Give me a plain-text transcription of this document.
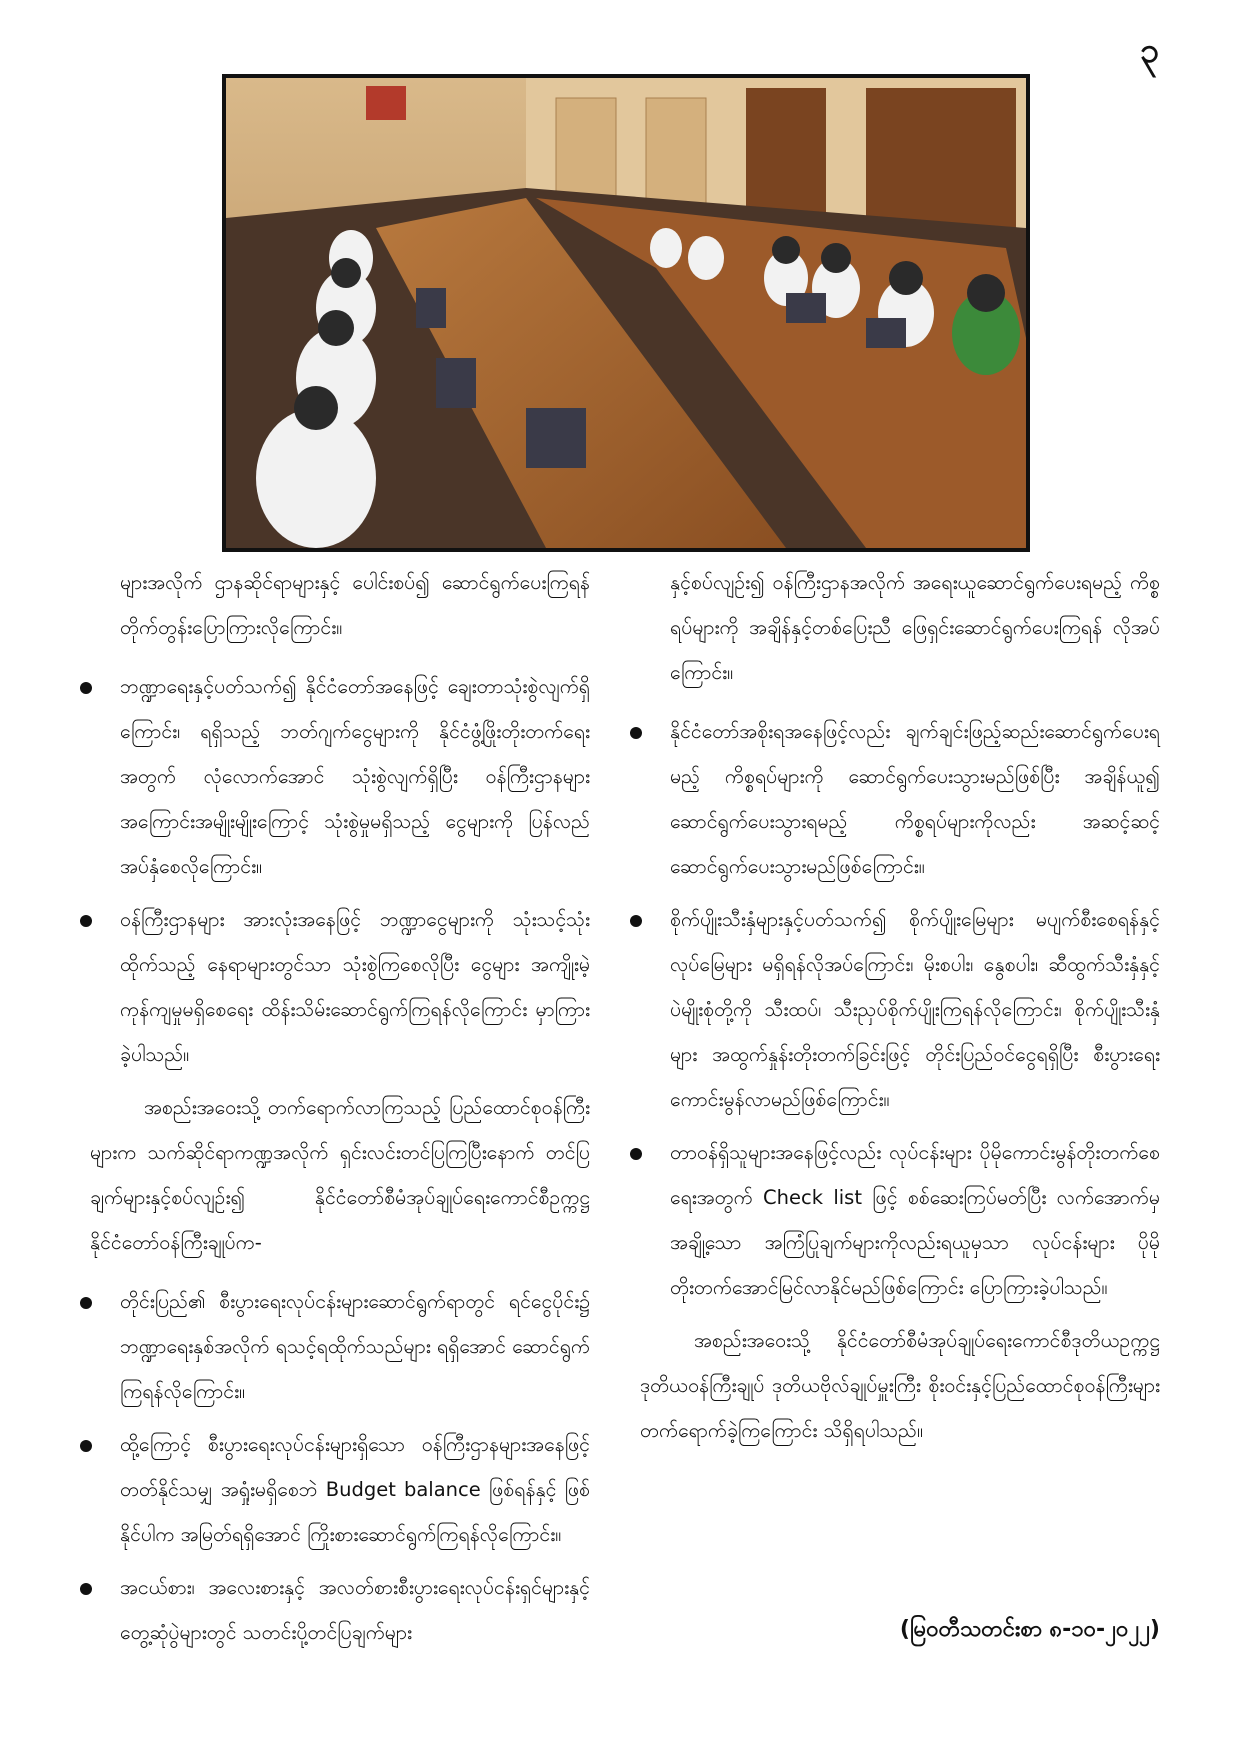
၃

များအလိုက် ဌာနဆိုင်ရာများနှင့် ပေါင်းစပ်၍ ဆောင်ရွက်ပေးကြရန် တိုက်တွန်းပြောကြားလိုကြောင်း။

ဘဏ္ဍာရေးနှင့်ပတ်သက်၍ နိုင်ငံတော်အနေဖြင့် ချေးတာသုံးစွဲလျက်ရှိကြောင်း၊ ရရှိသည့် ဘတ်ဂျက်ငွေများကို နိုင်ငံဖွံ့ဖြိုးတိုးတက်ရေးအတွက် လုံလောက်အောင် သုံးစွဲလျက်ရှိပြီး ဝန်ကြီးဌာနများ အကြောင်းအမျိုးမျိုးကြောင့် သုံးစွဲမှုမရှိသည့် ငွေများကို ပြန်လည်အပ်နှံစေလိုကြောင်း။
ဝန်ကြီးဌာနများ အားလုံးအနေဖြင့် ဘဏ္ဍာငွေများကို သုံးသင့်သုံးထိုက်သည့် နေရာများတွင်သာ သုံးစွဲကြစေလိုပြီး ငွေများ အကျိုးမဲ့ကုန်ကျမှုမရှိစေရေး ထိန်းသိမ်းဆောင်ရွက်ကြရန်လိုကြောင်း မှာကြားခဲ့ပါသည်။

အစည်းအဝေးသို့ တက်ရောက်လာကြသည့် ပြည်ထောင်စုဝန်ကြီးများက သက်ဆိုင်ရာကဏ္ဍအလိုက် ရှင်းလင်းတင်ပြကြပြီးနောက် တင်ပြချက်များနှင့်စပ်လျဉ်း၍ နိုင်ငံတော်စီမံအုပ်ချုပ်ရေးကောင်စီဥက္ကဋ္ဌ နိုင်ငံတော်ဝန်ကြီးချုပ်က-

တိုင်းပြည်၏ စီးပွားရေးလုပ်ငန်းများဆောင်ရွက်ရာတွင် ရင်ငွေပိုင်း၌ ဘဏ္ဍာရေးနှစ်အလိုက် ရသင့်ရထိုက်သည်များ ရရှိအောင် ဆောင်ရွက်ကြရန်လိုကြောင်း။
ထို့ကြောင့် စီးပွားရေးလုပ်ငန်းများရှိသော ဝန်ကြီးဌာနများအနေဖြင့် တတ်နိုင်သမျှ အရှုံးမရှိစေဘဲ Budget balance ဖြစ်ရန်နှင့် ဖြစ်နိုင်ပါက အမြတ်ရရှိအောင် ကြိုးစားဆောင်ရွက်ကြရန်လိုကြောင်း။
အငယ်စား၊ အလေးစားနှင့် အလတ်စားစီးပွားရေးလုပ်ငန်းရှင်များနှင့် တွေ့ဆုံပွဲများတွင် သတင်းပို့တင်ပြချက်များ

နှင့်စပ်လျဉ်း၍ ဝန်ကြီးဌာနအလိုက် အရေးယူဆောင်ရွက်ပေးရမည့် ကိစ္စရပ်များကို အချိန်နှင့်တစ်ပြေးညီ ဖြေရှင်းဆောင်ရွက်ပေးကြရန် လိုအပ်ကြောင်း။

နိုင်ငံတော်အစိုးရအနေဖြင့်လည်း ချက်ချင်းဖြည့်ဆည်းဆောင်ရွက်ပေးရမည့် ကိစ္စရပ်များကို ဆောင်ရွက်ပေးသွားမည်ဖြစ်ပြီး အချိန်ယူ၍ ဆောင်ရွက်ပေးသွားရမည့် ကိစ္စရပ်များကိုလည်း အဆင့်ဆင့် ဆောင်ရွက်ပေးသွားမည်ဖြစ်ကြောင်း။
စိုက်ပျိုးသီးနှံများနှင့်ပတ်သက်၍ စိုက်ပျိုးမြေများ မပျက်စီးစေရန်နှင့် လုပ်မြေများ မရှိရန်လိုအပ်ကြောင်း၊ မိုးစပါး၊ နွေစပါး၊ ဆီထွက်သီးနှံနှင့် ပဲမျိုးစုံတို့ကို သီးထပ်၊ သီးညှပ်စိုက်ပျိုးကြရန်လိုကြောင်း၊ စိုက်ပျိုးသီးနှံများ အထွက်နှုန်းတိုးတက်ခြင်းဖြင့် တိုင်းပြည်ဝင်ငွေရရှိပြီး စီးပွားရေးကောင်းမွန်လာမည်ဖြစ်ကြောင်း။
တာဝန်ရှိသူများအနေဖြင့်လည်း လုပ်ငန်းများ ပိုမိုကောင်းမွန်တိုးတက်စေရေးအတွက် Check list ဖြင့် စစ်ဆေးကြပ်မတ်ပြီး လက်အောက်မှ အချို့သော အကြံပြုချက်များကိုလည်းရယူမှသာ လုပ်ငန်းများ ပိုမိုတိုးတက်အောင်မြင်လာနိုင်မည်ဖြစ်ကြောင်း ပြောကြားခဲ့ပါသည်။

အစည်းအဝေးသို့ နိုင်ငံတော်စီမံအုပ်ချုပ်ရေးကောင်စီဒုတိယဥက္ကဋ္ဌ ဒုတိယဝန်ကြီးချုပ် ဒုတိယဗိုလ်ချုပ်မှူးကြီး စိုးဝင်းနှင့်ပြည်ထောင်စုဝန်ကြီးများ တက်ရောက်ခဲ့ကြကြောင်း သိရှိရပါသည်။

(မြဝတီသတင်းစာ ၈-၁၀-၂၀၂၂)
